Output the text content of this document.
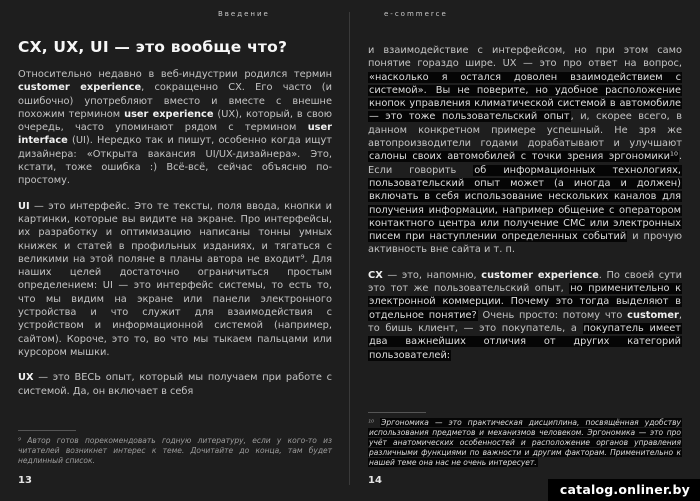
Введение
CX, UX, UI — это вообще что?

Относительно недавно в веб-индустрии родился термин customer experience, сокращенно CX. Его часто (и ошибочно) употребляют вместо и вместе с внешне похожим термином user experience (UX), который, в свою очередь, часто упоминают рядом с термином user interface (UI). Нередко так и пишут, особенно когда ищут дизайнера: «Открыта вакансия UI/UX-дизайнера». Это, кстати, тоже ошибка :) Всё-всё, сейчас объясню по-простому.

UI — это интерфейс. Это те тексты, поля ввода, кнопки и картинки, которые вы видите на экране. Про интерфейсы, их разработку и оптимизацию написаны тонны умных книжек и статей в профильных изданиях, и тягаться с великими на этой поляне в планы автора не входит⁹. Для наших целей достаточно ограничиться простым определением: UI — это интерфейс системы, то есть то, что мы видим на экране или панели электронного устройства и что служит для взаимодействия с устройством и информационной системой (например, сайтом). Короче, это то, во что мы тыкаем пальцами или курсором мышки.

UX — это ВЕСЬ опыт, который мы получаем при работе с системой. Да, он включает в себя

⁹ Автор готов порекомендовать годную литературу, если у кого-то из читателей возникнет интерес к теме. Дочитайте до конца, там будет недлинный список.

13
e-commerce

и взаимодействие с интерфейсом, но при этом само понятие гораздо шире. UX — это про ответ на вопрос, «насколько я остался доволен взаимодействием с системой». Вы не поверите, но удобное расположение кнопок управления климатической системой в автомобиле — это тоже пользовательский опыт, и, скорее всего, в данном конкретном примере успешный. Не зря же автопроизводители годами дорабатывают и улучшают салоны своих автомобилей с точки зрения эргономики¹⁰. Если говорить об информационных технологиях, пользовательский опыт может (а иногда и должен) включать в себя использование нескольких каналов для получения информации, например общение с оператором контактного центра или получение СМС или электронных писем при наступлении определенных событий и прочую активность вне сайта и т. п.

CX — это, напомню, customer experience. По своей сути это тот же пользовательский опыт, но применительно к электронной коммерции. Почему это тогда выделяют в отдельное понятие? Очень просто: потому что customer, то бишь клиент, — это покупатель, а покупатель имеет два важнейших отличия от других категорий пользователей:

¹⁰ Эргономика — это практическая дисциплина, посвящённая удобству использования предметов и механизмов человеком. Эргономика — это про учёт анатомических особенностей и расположение органов управления различными функциями по важности и другим факторам. Применительно к нашей теме она нас не очень интересует.

14
catalog.onliner.by
